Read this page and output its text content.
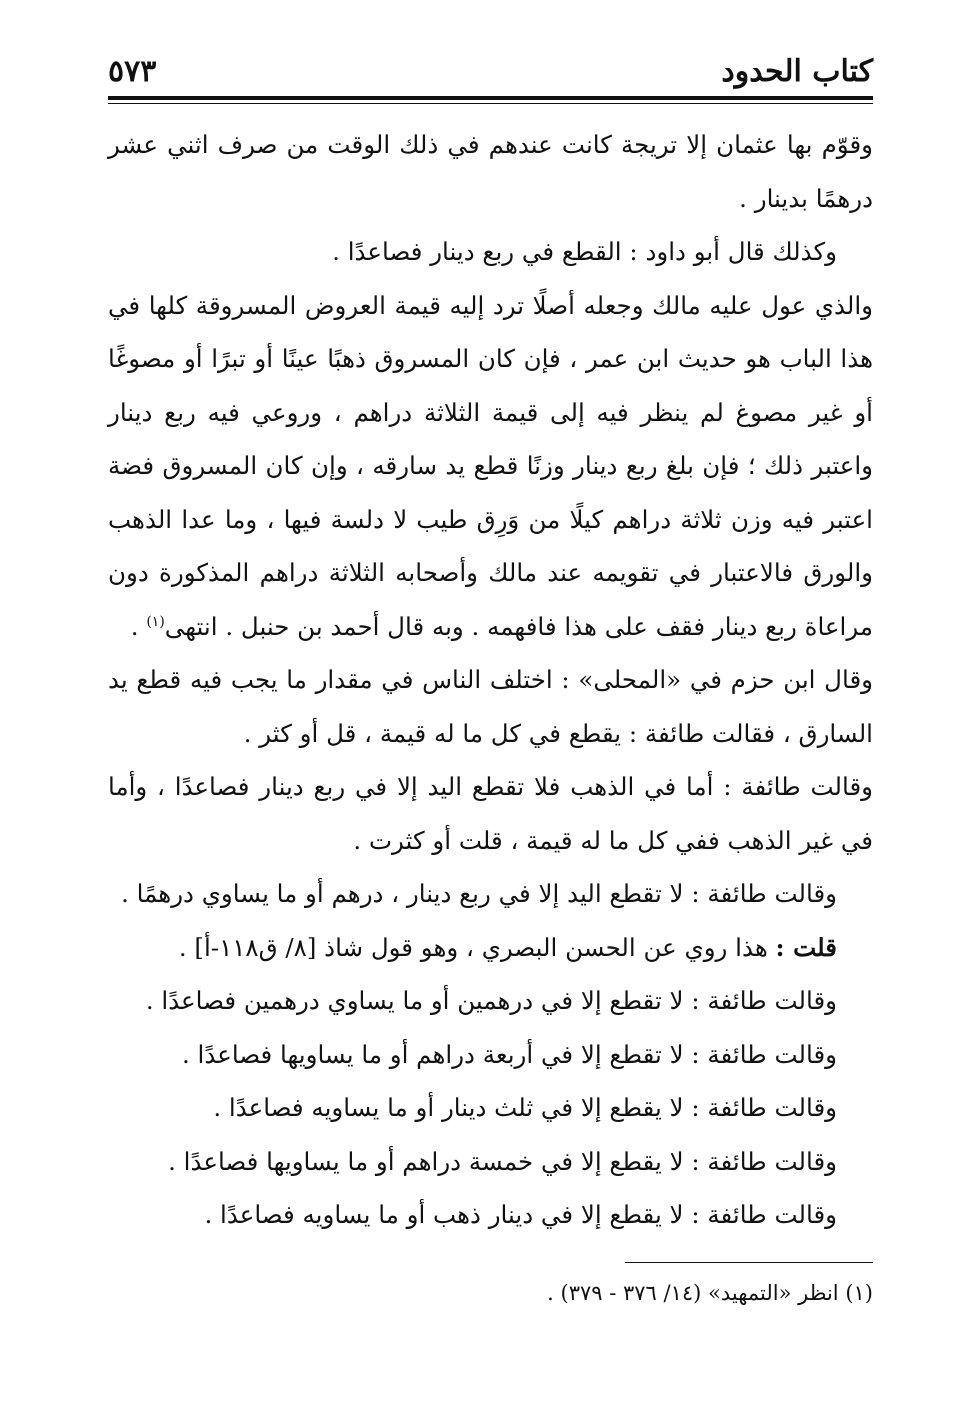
كتاب الحدود
٥٧٣

وقوّم بها عثمان إلا تريجة كانت عندهم في ذلك الوقت من صرف اثني عشر درهمًا بدينار .

وكذلك قال أبو داود : القطع في ربع دينار فصاعدًا .

والذي عول عليه مالك وجعله أصلًا ترد إليه قيمة العروض المسروقة كلها في هذا الباب هو حديث ابن عمر ، فإن كان المسروق ذهبًا عينًا أو تبرًا أو مصوغًا أو غير مصوغ لم ينظر فيه إلى قيمة الثلاثة دراهم ، وروعي فيه ربع دينار واعتبر ذلك ؛ فإن بلغ ربع دينار وزنًا قطع يد سارقه ، وإن كان المسروق فضة اعتبر فيه وزن ثلاثة دراهم كيلًا من وَرِق طيب لا دلسة فيها ، وما عدا الذهب والورق فالاعتبار في تقويمه عند مالك وأصحابه الثلاثة دراهم المذكورة دون مراعاة ربع دينار فقف على هذا فافهمه . وبه قال أحمد بن حنبل . انتهى$^{(١)}$ .

وقال ابن حزم في «المحلى» : اختلف الناس في مقدار ما يجب فيه قطع يد السارق ، فقالت طائفة : يقطع في كل ما له قيمة ، قل أو كثر .

وقالت طائفة : أما في الذهب فلا تقطع اليد إلا في ربع دينار فصاعدًا ، وأما في غير الذهب ففي كل ما له قيمة ، قلت أو كثرت .

وقالت طائفة : لا تقطع اليد إلا في ربع دينار ، درهم أو ما يساوي درهمًا .

قلت : هذا روي عن الحسن البصري ، وهو قول شاذ [٨/ ق١١٨-أ] .

وقالت طائفة : لا تقطع إلا في درهمين أو ما يساوي درهمين فصاعدًا .

وقالت طائفة : لا تقطع إلا في أربعة دراهم أو ما يساويها فصاعدًا .

وقالت طائفة : لا يقطع إلا في ثلث دينار أو ما يساويه فصاعدًا .

وقالت طائفة : لا يقطع إلا في خمسة دراهم أو ما يساويها فصاعدًا .

وقالت طائفة : لا يقطع إلا في دينار ذهب أو ما يساويه فصاعدًا .

(١) انظر «التمهيد» (١٤/ ٣٧٦ - ٣٧٩) .
